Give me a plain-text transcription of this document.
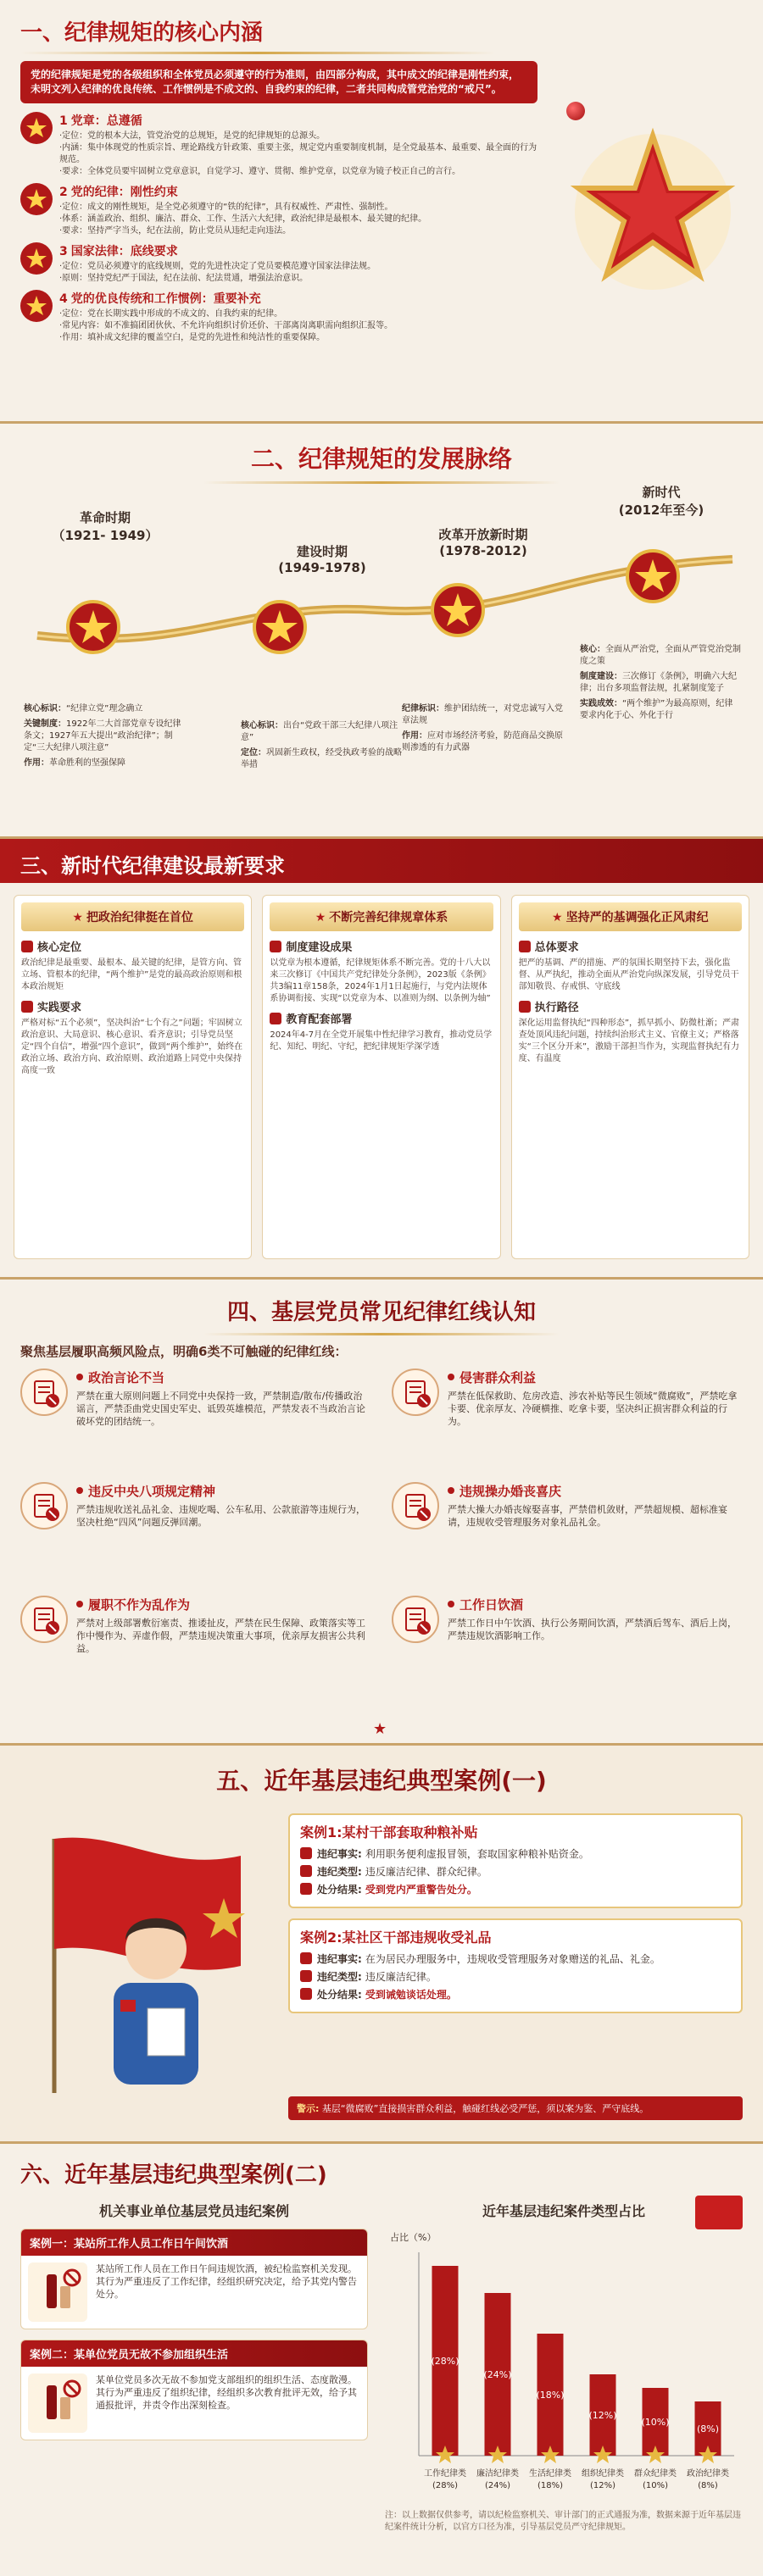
一、纪律规矩的核心内涵
党的纪律规矩是党的各级组织和全体党员必须遵守的行为准则，由四部分构成，其中成文的纪律是刚性约束，未明文列入纪律的优良传统、工作惯例是不成文的、自我约束的纪律，二者共同构成管党治党的“戒尺”。
1 党章：总遵循
·定位：党的根本大法，管党治党的总规矩，是党的纪律规矩的总源头。
·内涵：集中体现党的性质宗旨、理论路线方针政策、重要主张，规定党内重要制度机制，是全党最基本、最重要、最全面的行为规范。
·要求：全体党员要牢固树立党章意识，自觉学习、遵守、贯彻、维护党章，以党章为镜子校正自己的言行。
2 党的纪律：刚性约束
·定位：成文的刚性规矩，是全党必须遵守的“铁的纪律”，具有权威性、严肃性、强制性。
·体系：涵盖政治、组织、廉洁、群众、工作、生活六大纪律，政治纪律是最根本、最关键的纪律。
·要求：坚持严字当头，纪在法前，防止党员从违纪走向违法。
3 国家法律：底线要求
·定位：党员必须遵守的底线规则，党的先进性决定了党员要模范遵守国家法律法规。
·原则：坚持党纪严于国法，纪在法前、纪法贯通，增强法治意识。
4 党的优良传统和工作惯例：重要补充
·定位：党在长期实践中形成的不成文的、自我约束的纪律。
·常见内容：如不准搞团团伙伙、不允许向组织讨价还价、干部离岗离职需向组织汇报等。
·作用：填补成文纪律的覆盖空白，是党的先进性和纯洁性的重要保障。
二、纪律规矩的发展脉络
革命时期
（1921- 1949）
核心标识：“纪律立党”理念确立
关键制度：1922年二大首部党章专设纪律条文；1927年五大提出“政治纪律”；制定“三大纪律八项注意”
作用：革命胜利的坚强保障
建设时期
(1949-1978)
核心标识：出台“党政干部三大纪律八项注意”
定位：巩固新生政权，经受执政考验的战略举措
改革开放新时期
(1978-2012)
纪律标识：维护团结统一，对党忠诚写入党章法规
作用：应对市场经济考验，防范商品交换原则渗透的有力武器
新时代
(2012年至今)
核心：全面从严治党，全面从严管党治党制度之策
制度建设：三次修订《条例》，明确六大纪律；出台多项监督法规，扎紧制度笼子
实践成效：“两个维护”为最高原则，纪律要求内化于心、外化于行
三、新时代纪律建设最新要求
★ 把政治纪律挺在首位
核心定位
政治纪律是最重要、最根本、最关键的纪律，是管方向、管立场、管根本的纪律，“两个维护”是党的最高政治原则和根本政治规矩
实践要求
严格对标“五个必须”，坚决纠治“七个有之”问题；牢固树立政治意识、大局意识、核心意识、看齐意识；引导党员坚定“四个自信”，增强“四个意识”，做到“两个维护”，始终在政治立场、政治方向、政治原则、政治道路上同党中央保持高度一致
★ 不断完善纪律规章体系
制度建设成果
以党章为根本遵循，纪律规矩体系不断完善。党的十八大以来三次修订《中国共产党纪律处分条例》，2023版《条例》共3编11章158条，2024年1月1日起施行，与党内法规体系协调衔接、实现“以党章为本、以准则为纲、以条例为轴”
教育配套部署
2024年4-7月在全党开展集中性纪律学习教育，推动党员学纪、知纪、明纪、守纪，把纪律规矩学深学透
★ 坚持严的基调强化正风肃纪
总体要求
把严的基调、严的措施、严的氛围长期坚持下去，强化监督、从严执纪，推动全面从严治党向纵深发展，引导党员干部知敬畏、存戒惧、守底线
执行路径
深化运用监督执纪“四种形态”，抓早抓小、防微杜渐；严肃查处顶风违纪问题，持续纠治形式主义、官僚主义；严格落实“三个区分开来”，激励干部担当作为，实现监督执纪有力度、有温度
四、基层党员常见纪律红线认知
聚焦基层履职高频风险点，明确6类不可触碰的纪律红线：
政治言论不当
严禁在重大原则问题上不同党中央保持一致，严禁制造/散布/传播政治谣言，严禁歪曲党史国史军史、诋毁英雄模范，严禁发表不当政治言论破坏党的团结统一。
侵害群众利益
严禁在低保救助、危房改造、涉农补贴等民生领域“微腐败”，严禁吃拿卡要、优亲厚友、冷硬横推、吃拿卡要，坚决纠正损害群众利益的行为。
违反中央八项规定精神
严禁违规收送礼品礼金、违规吃喝、公车私用、公款旅游等违规行为，坚决杜绝“四风”问题反弹回潮。
违规操办婚丧喜庆
严禁大操大办婚丧嫁娶喜事，严禁借机敛财，严禁超规模、超标准宴请，违规收受管理服务对象礼品礼金。
履职不作为乱作为
严禁对上级部署敷衍塞责、推诿扯皮，严禁在民生保障、政策落实等工作中慢作为、弄虚作假，严禁违规决策重大事项，优亲厚友损害公共利益。
工作日饮酒
严禁工作日中午饮酒、执行公务期间饮酒，严禁酒后驾车、酒后上岗，严禁违规饮酒影响工作。
★
五、近年基层违纪典型案例(一)
案例1:某村干部套取种粮补贴
违纪事实: 利用职务便利虚报冒领，套取国家种粮补贴资金。
违纪类型: 违反廉洁纪律、群众纪律。
处分结果: 受到党内严重警告处分。
案例2:某社区干部违规收受礼品
违纪事实: 在为居民办理服务中，违规收受管理服务对象赠送的礼品、礼金。
违纪类型: 违反廉洁纪律。
处分结果: 受到诫勉谈话处理。
警示: 基层“微腐败”直接损害群众利益，触碰红线必受严惩，须以案为鉴、严守底线。
六、近年基层违纪典型案例(二)
机关事业单位基层党员违纪案例
案例一：某站所工作人员工作日午间饮酒
某站所工作人员在工作日午间违规饮酒，被纪检监察机关发现。其行为严重违反了工作纪律，经组织研究决定，给予其党内警告处分。
案例二：某单位党员无故不参加组织生活
某单位党员多次无故不参加党支部组织的组织生活、态度散漫。其行为严重违反了组织纪律，经组织多次教育批评无效，给予其通报批评，并责令作出深刻检查。
近年基层违纪案件类型占比
占比（%）
(28%)
工作纪律类
(28%)
(24%)
廉洁纪律类
(24%)
(18%)
生活纪律类
(18%)
(12%)
组织纪律类
(12%)
(10%)
群众纪律类
(10%)
(8%)
政治纪律类
(8%)
注：以上数据仅供参考，请以纪检监察机关、审计部门的正式通报为准，数据来源于近年基层违纪案件统计分析，以官方口径为准，引导基层党员严守纪律规矩。
